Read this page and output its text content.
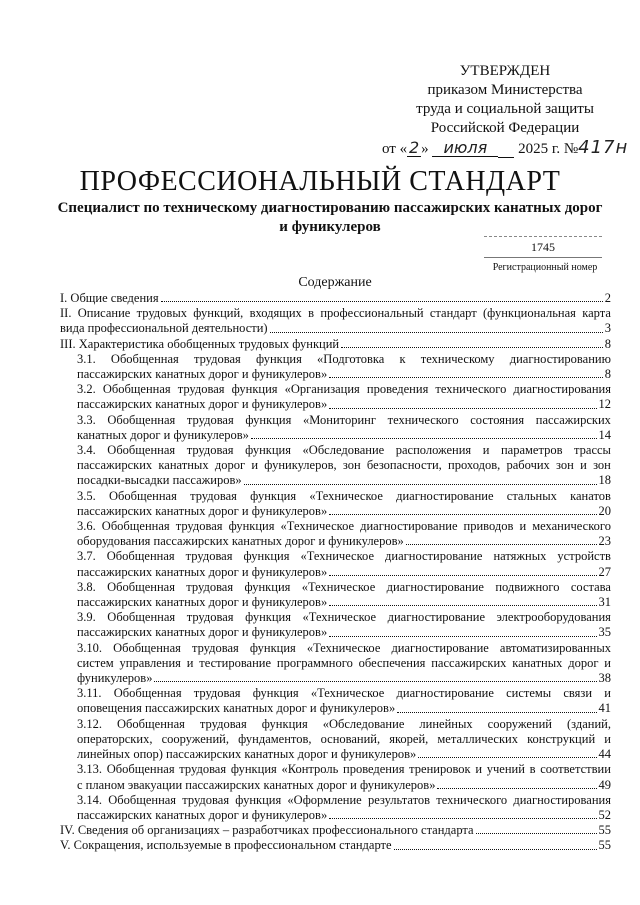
УТВЕРЖДЕН
приказом Министерства
труда и социальной защиты
Российской Федерации
от « 2 » июля 2025 г. №417н
ПРОФЕССИОНАЛЬНЫЙ СТАНДАРТ
Специалист по техническому диагностированию пассажирских канатных дорог
и фуникулеров
1745
Регистрационный номер
Содержание
I. Общие сведения	2
II. Описание трудовых функций, входящих в профессиональный стандарт (функциональная карта
вида профессиональной деятельности)	3
III. Характеристика обобщенных трудовых функций	8
3.1. Обобщенная трудовая функция «Подготовка к техническому диагностированию
пассажирских канатных дорог и фуникулеров»	8
3.2. Обобщенная трудовая функция «Организация проведения технического диагностирования
пассажирских канатных дорог и фуникулеров»	12
3.3. Обобщенная трудовая функция «Мониторинг технического состояния пассажирских
канатных дорог и фуникулеров»	14
3.4. Обобщенная трудовая функция «Обследование расположения и параметров трассы
пассажирских канатных дорог и фуникулеров, зон безопасности, проходов, рабочих зон и зон
посадки-высадки пассажиров»	18
3.5. Обобщенная трудовая функция «Техническое диагностирование стальных канатов
пассажирских канатных дорог и фуникулеров»	20
3.6. Обобщенная трудовая функция «Техническое диагностирование приводов и механического
оборудования пассажирских канатных дорог и фуникулеров»	23
3.7. Обобщенная трудовая функция «Техническое диагностирование натяжных устройств
пассажирских канатных дорог и фуникулеров»	27
3.8. Обобщенная трудовая функция «Техническое диагностирование подвижного состава
пассажирских канатных дорог и фуникулеров»	31
3.9. Обобщенная трудовая функция «Техническое диагностирование электрооборудования
пассажирских канатных дорог и фуникулеров»	35
3.10. Обобщенная трудовая функция «Техническое диагностирование автоматизированных
систем управления и тестирование программного обеспечения пассажирских канатных дорог и
фуникулеров»	38
3.11. Обобщенная трудовая функция «Техническое диагностирование системы связи и
оповещения пассажирских канатных дорог и фуникулеров»	41
3.12. Обобщенная трудовая функция «Обследование линейных сооружений (зданий,
операторских, сооружений, фундаментов, оснований, якорей, металлических конструкций и
линейных опор) пассажирских канатных дорог и фуникулеров»	44
3.13. Обобщенная трудовая функция «Контроль проведения тренировок и учений в соответствии
с планом эвакуации пассажирских канатных дорог и фуникулеров»	49
3.14. Обобщенная трудовая функция «Оформление результатов технического диагностирования
пассажирских канатных дорог и фуникулеров»	52
IV. Сведения об организациях – разработчиках профессионального стандарта	55
V. Сокращения, используемые в профессиональном стандарте	55
